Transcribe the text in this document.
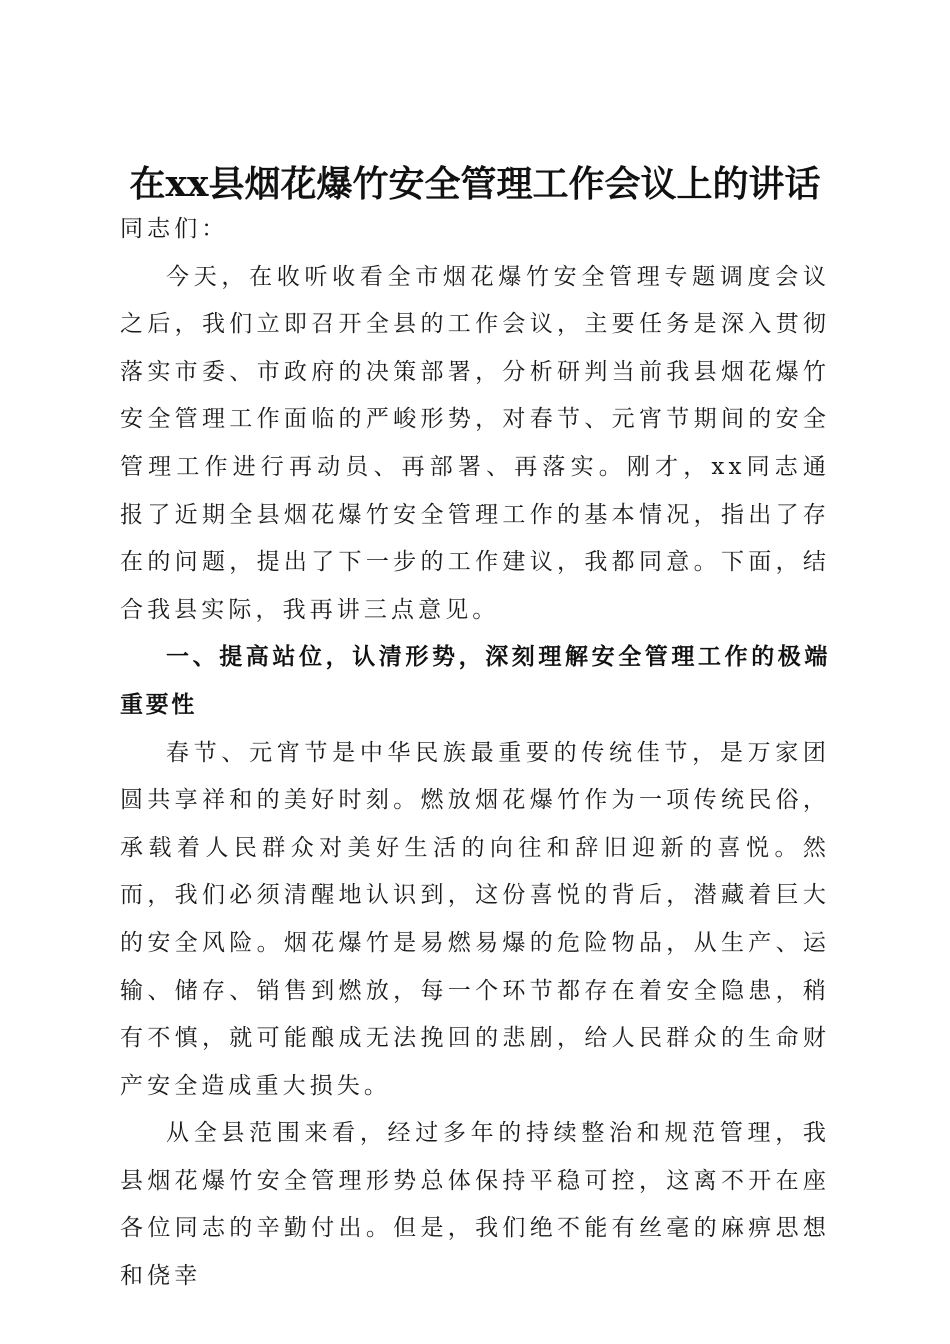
在xx县烟花爆竹安全管理工作会议上的讲话

同志们：

今天，在收听收看全市烟花爆竹安全管理专题调度会议之后，我们立即召开全县的工作会议，主要任务是深入贯彻落实市委、市政府的决策部署，分析研判当前我县烟花爆竹安全管理工作面临的严峻形势，对春节、元宵节期间的安全管理工作进行再动员、再部署、再落实。刚才，xx同志通报了近期全县烟花爆竹安全管理工作的基本情况，指出了存在的问题，提出了下一步的工作建议，我都同意。下面，结合我县实际，我再讲三点意见。

一、提高站位，认清形势，深刻理解安全管理工作的极端重要性

春节、元宵节是中华民族最重要的传统佳节，是万家团圆共享祥和的美好时刻。燃放烟花爆竹作为一项传统民俗，承载着人民群众对美好生活的向往和辞旧迎新的喜悦。然而，我们必须清醒地认识到，这份喜悦的背后，潜藏着巨大的安全风险。烟花爆竹是易燃易爆的危险物品，从生产、运输、储存、销售到燃放，每一个环节都存在着安全隐患，稍有不慎，就可能酿成无法挽回的悲剧，给人民群众的生命财产安全造成重大损失。

从全县范围来看，经过多年的持续整治和规范管理，我县烟花爆竹安全管理形势总体保持平稳可控，这离不开在座各位同志的辛勤付出。但是，我们绝不能有丝毫的麻痹思想和侥幸
